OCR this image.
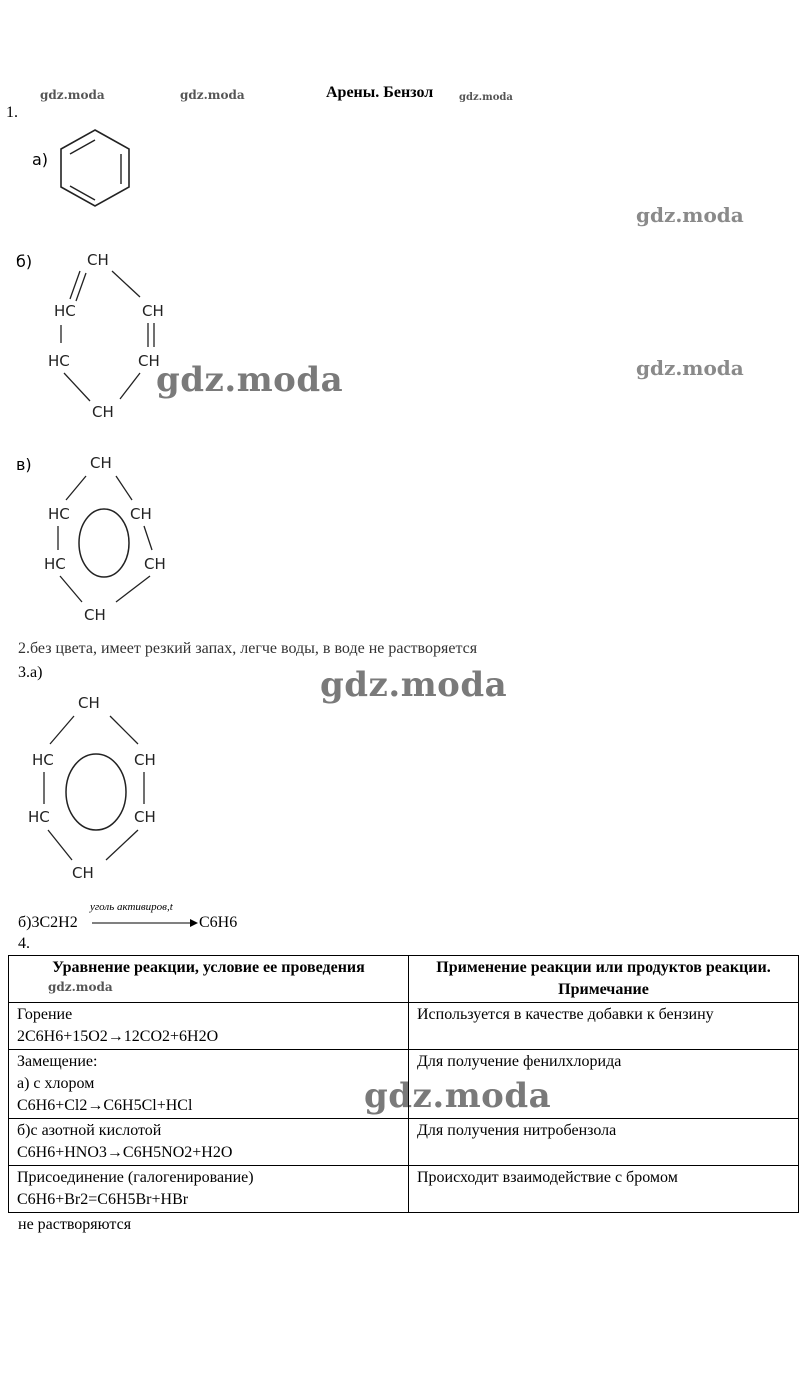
gdz.moda	gdz.moda	gdz.moda
gdz.moda
gdz.moda
gdz.moda
gdz.moda
gdz.moda
gdz.moda
Арены. Бензол
1.
а)
б)	CH
HC	CH
HC	CH
CH
в)	CH
HC	CH
HC	CH
CH
2.без цвета, имеет резкий запах, легче воды, в воде не растворяется
3.а)
CH
HC	CH
HC	CH
CH
б)3C2H2
уголь активиров,t
C6H6
4.
Уравнение реакции, условие ее проведения	Применение реакции или продуктов реакции. Примечание

Горение
2C6H6+15O2→12CO2+6H2O	Используется в качестве добавки к бензину

Замещение:
а) с хлором
C6H6+Cl2→C6H5Cl+HCl	Для получение фенилхлорида

б)с азотной кислотой
C6H6+HNO3→C6H5NO2+H2O	Для получения нитробензола

Присоединение (галогенирование)
C6H6+Br2=C6H5Br+HBr	Происходит взаимодействие с бромом
не растворяются
